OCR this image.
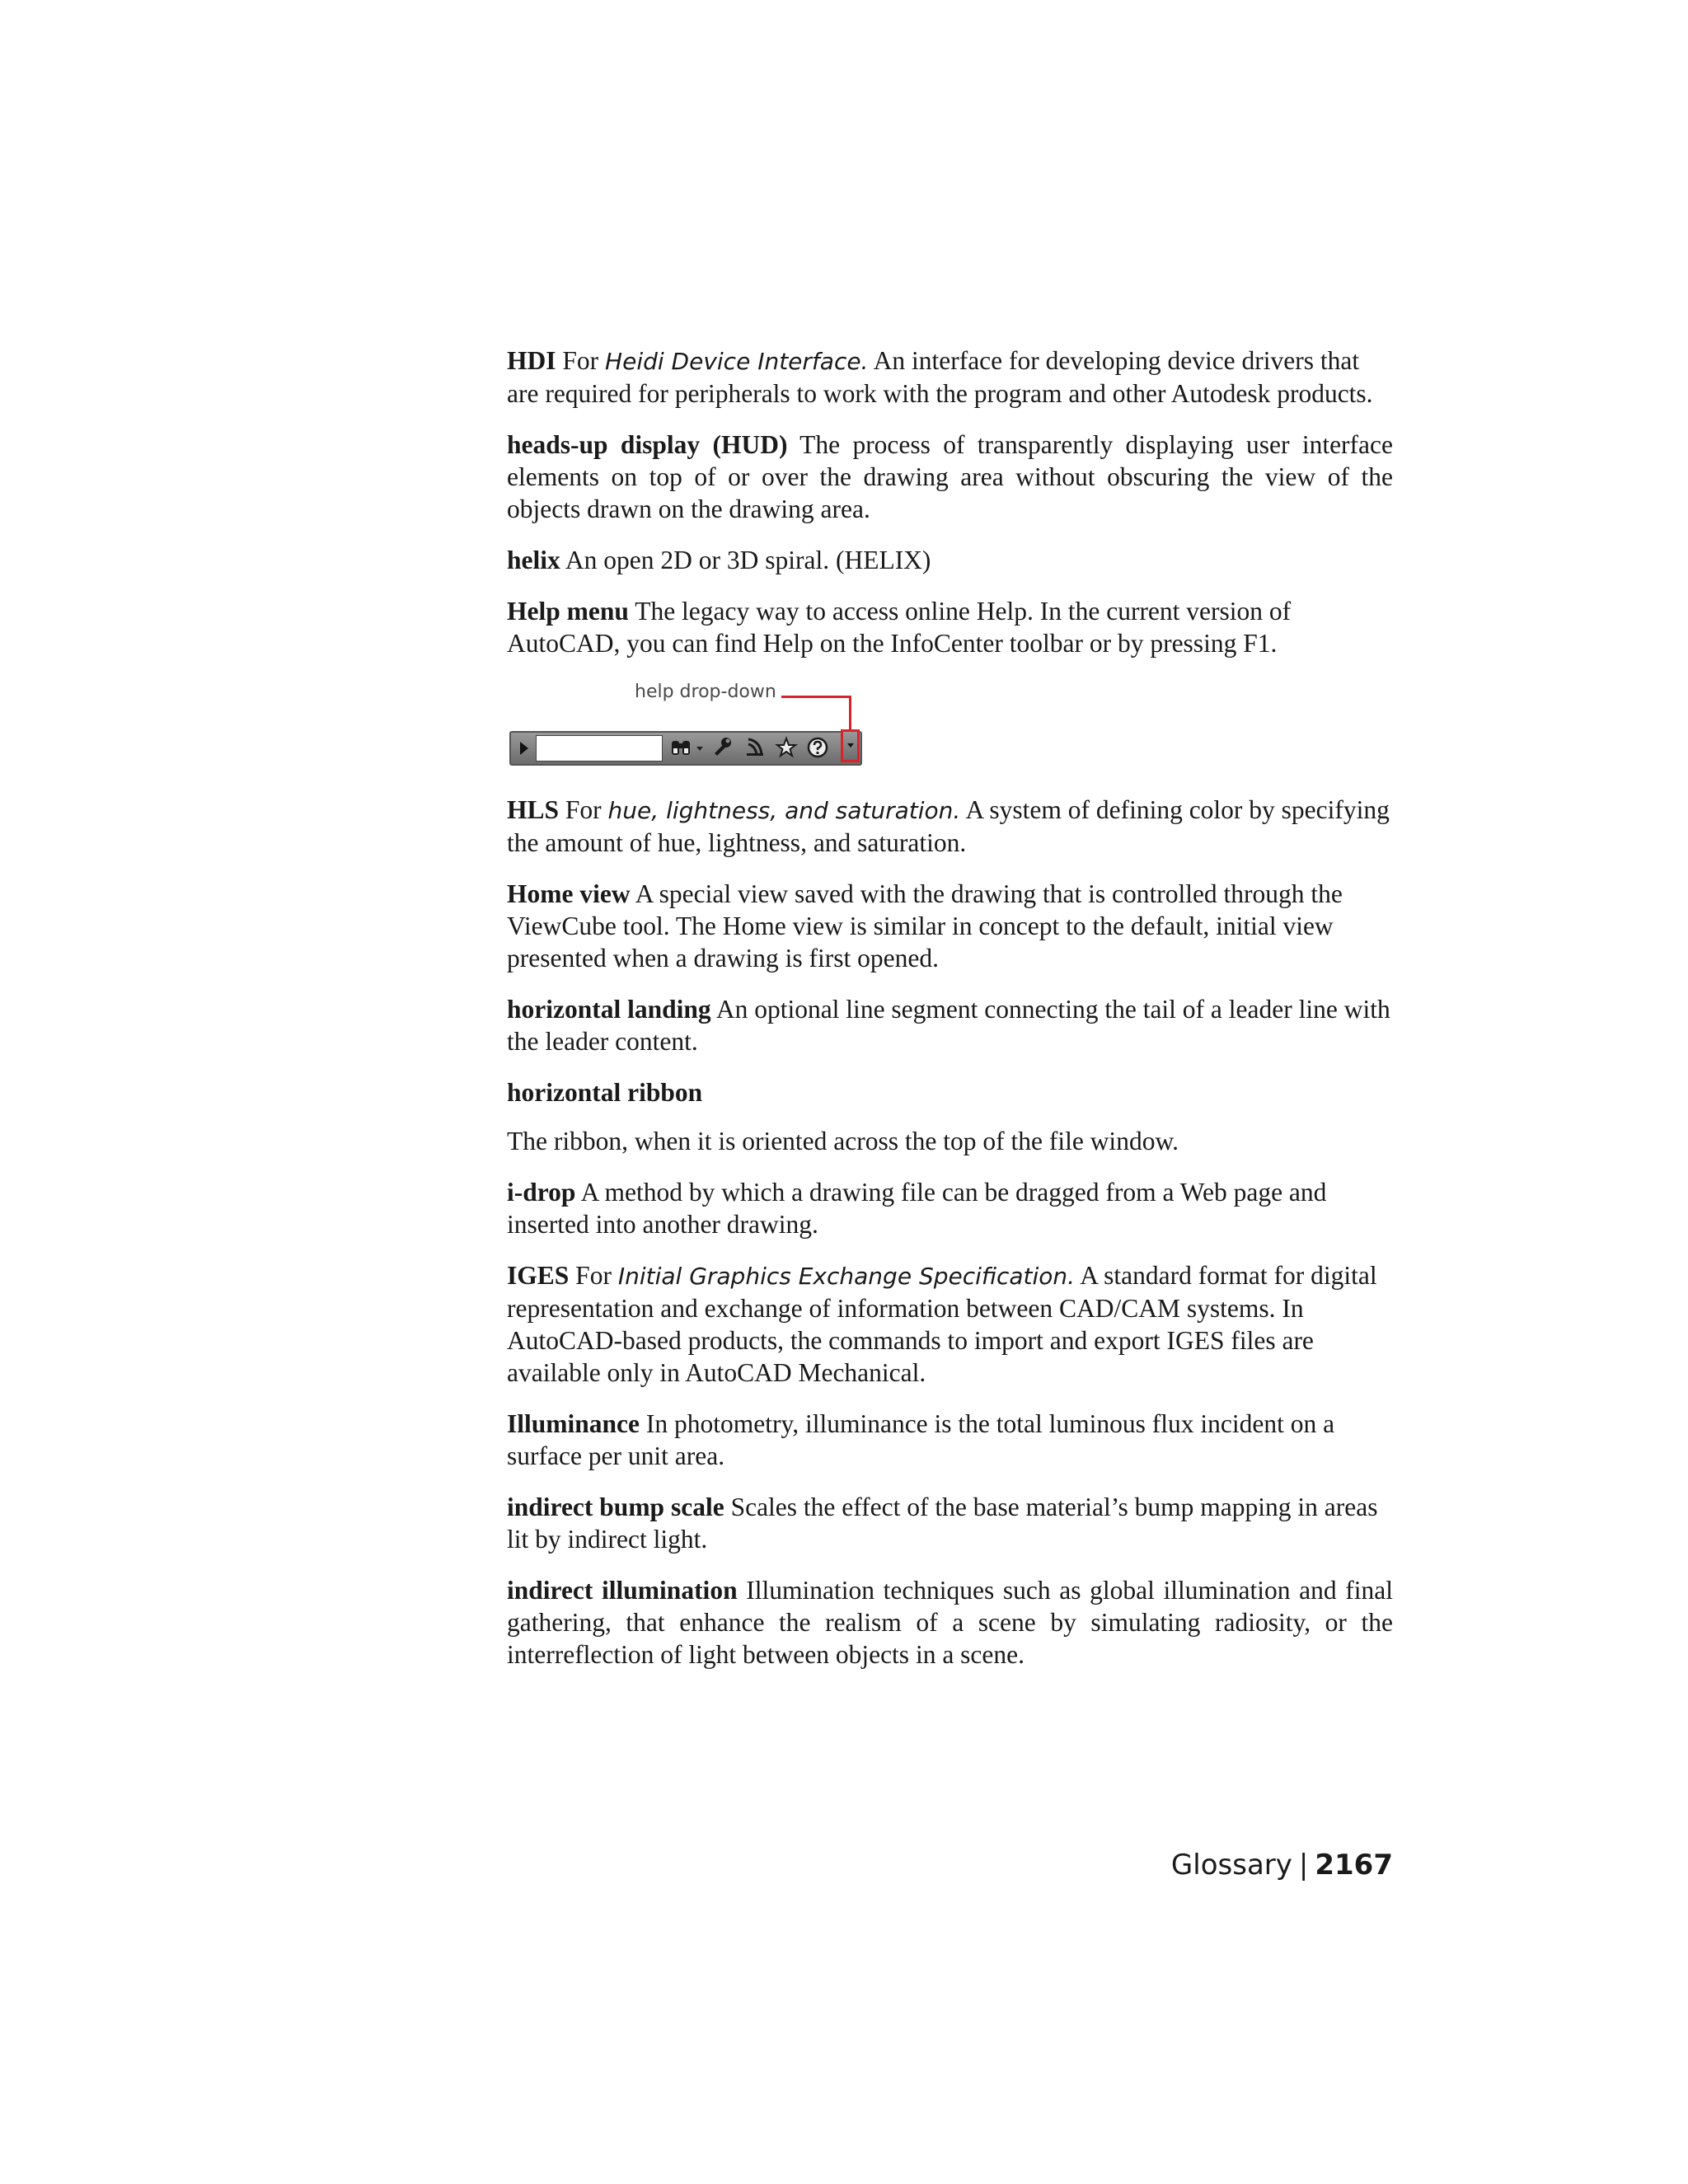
HDI For Heidi Device Interface. An interface for developing device drivers that are required for peripherals to work with the program and other Autodesk products.

heads-up display (HUD) The process of transparently displaying user interface elements on top of or over the drawing area without obscuring the view of the objects drawn on the drawing area.

helix An open 2D or 3D spiral. (HELIX)

Help menu The legacy way to access online Help. In the current version of AutoCAD, you can find Help on the InfoCenter toolbar or by pressing F1.

help drop-down

HLS For hue, lightness, and saturation. A system of defining color by specifying the amount of hue, lightness, and saturation.

Home view A special view saved with the drawing that is controlled through the ViewCube tool. The Home view is similar in concept to the default, initial view presented when a drawing is first opened.

horizontal landing An optional line segment connecting the tail of a leader line with the leader content.

horizontal ribbon

The ribbon, when it is oriented across the top of the file window.

i-drop A method by which a drawing file can be dragged from a Web page and inserted into another drawing.

IGES For Initial Graphics Exchange Specification. A standard format for digital representation and exchange of information between CAD/CAM systems. In AutoCAD-based products, the commands to import and export IGES files are available only in AutoCAD Mechanical.

Illuminance In photometry, illuminance is the total luminous flux incident on a surface per unit area.

indirect bump scale Scales the effect of the base material’s bump mapping in areas lit by indirect light.

indirect illumination Illumination techniques such as global illumination and final gathering, that enhance the realism of a scene by simulating radiosity, or the interreflection of light between objects in a scene.

Glossary | 2167
